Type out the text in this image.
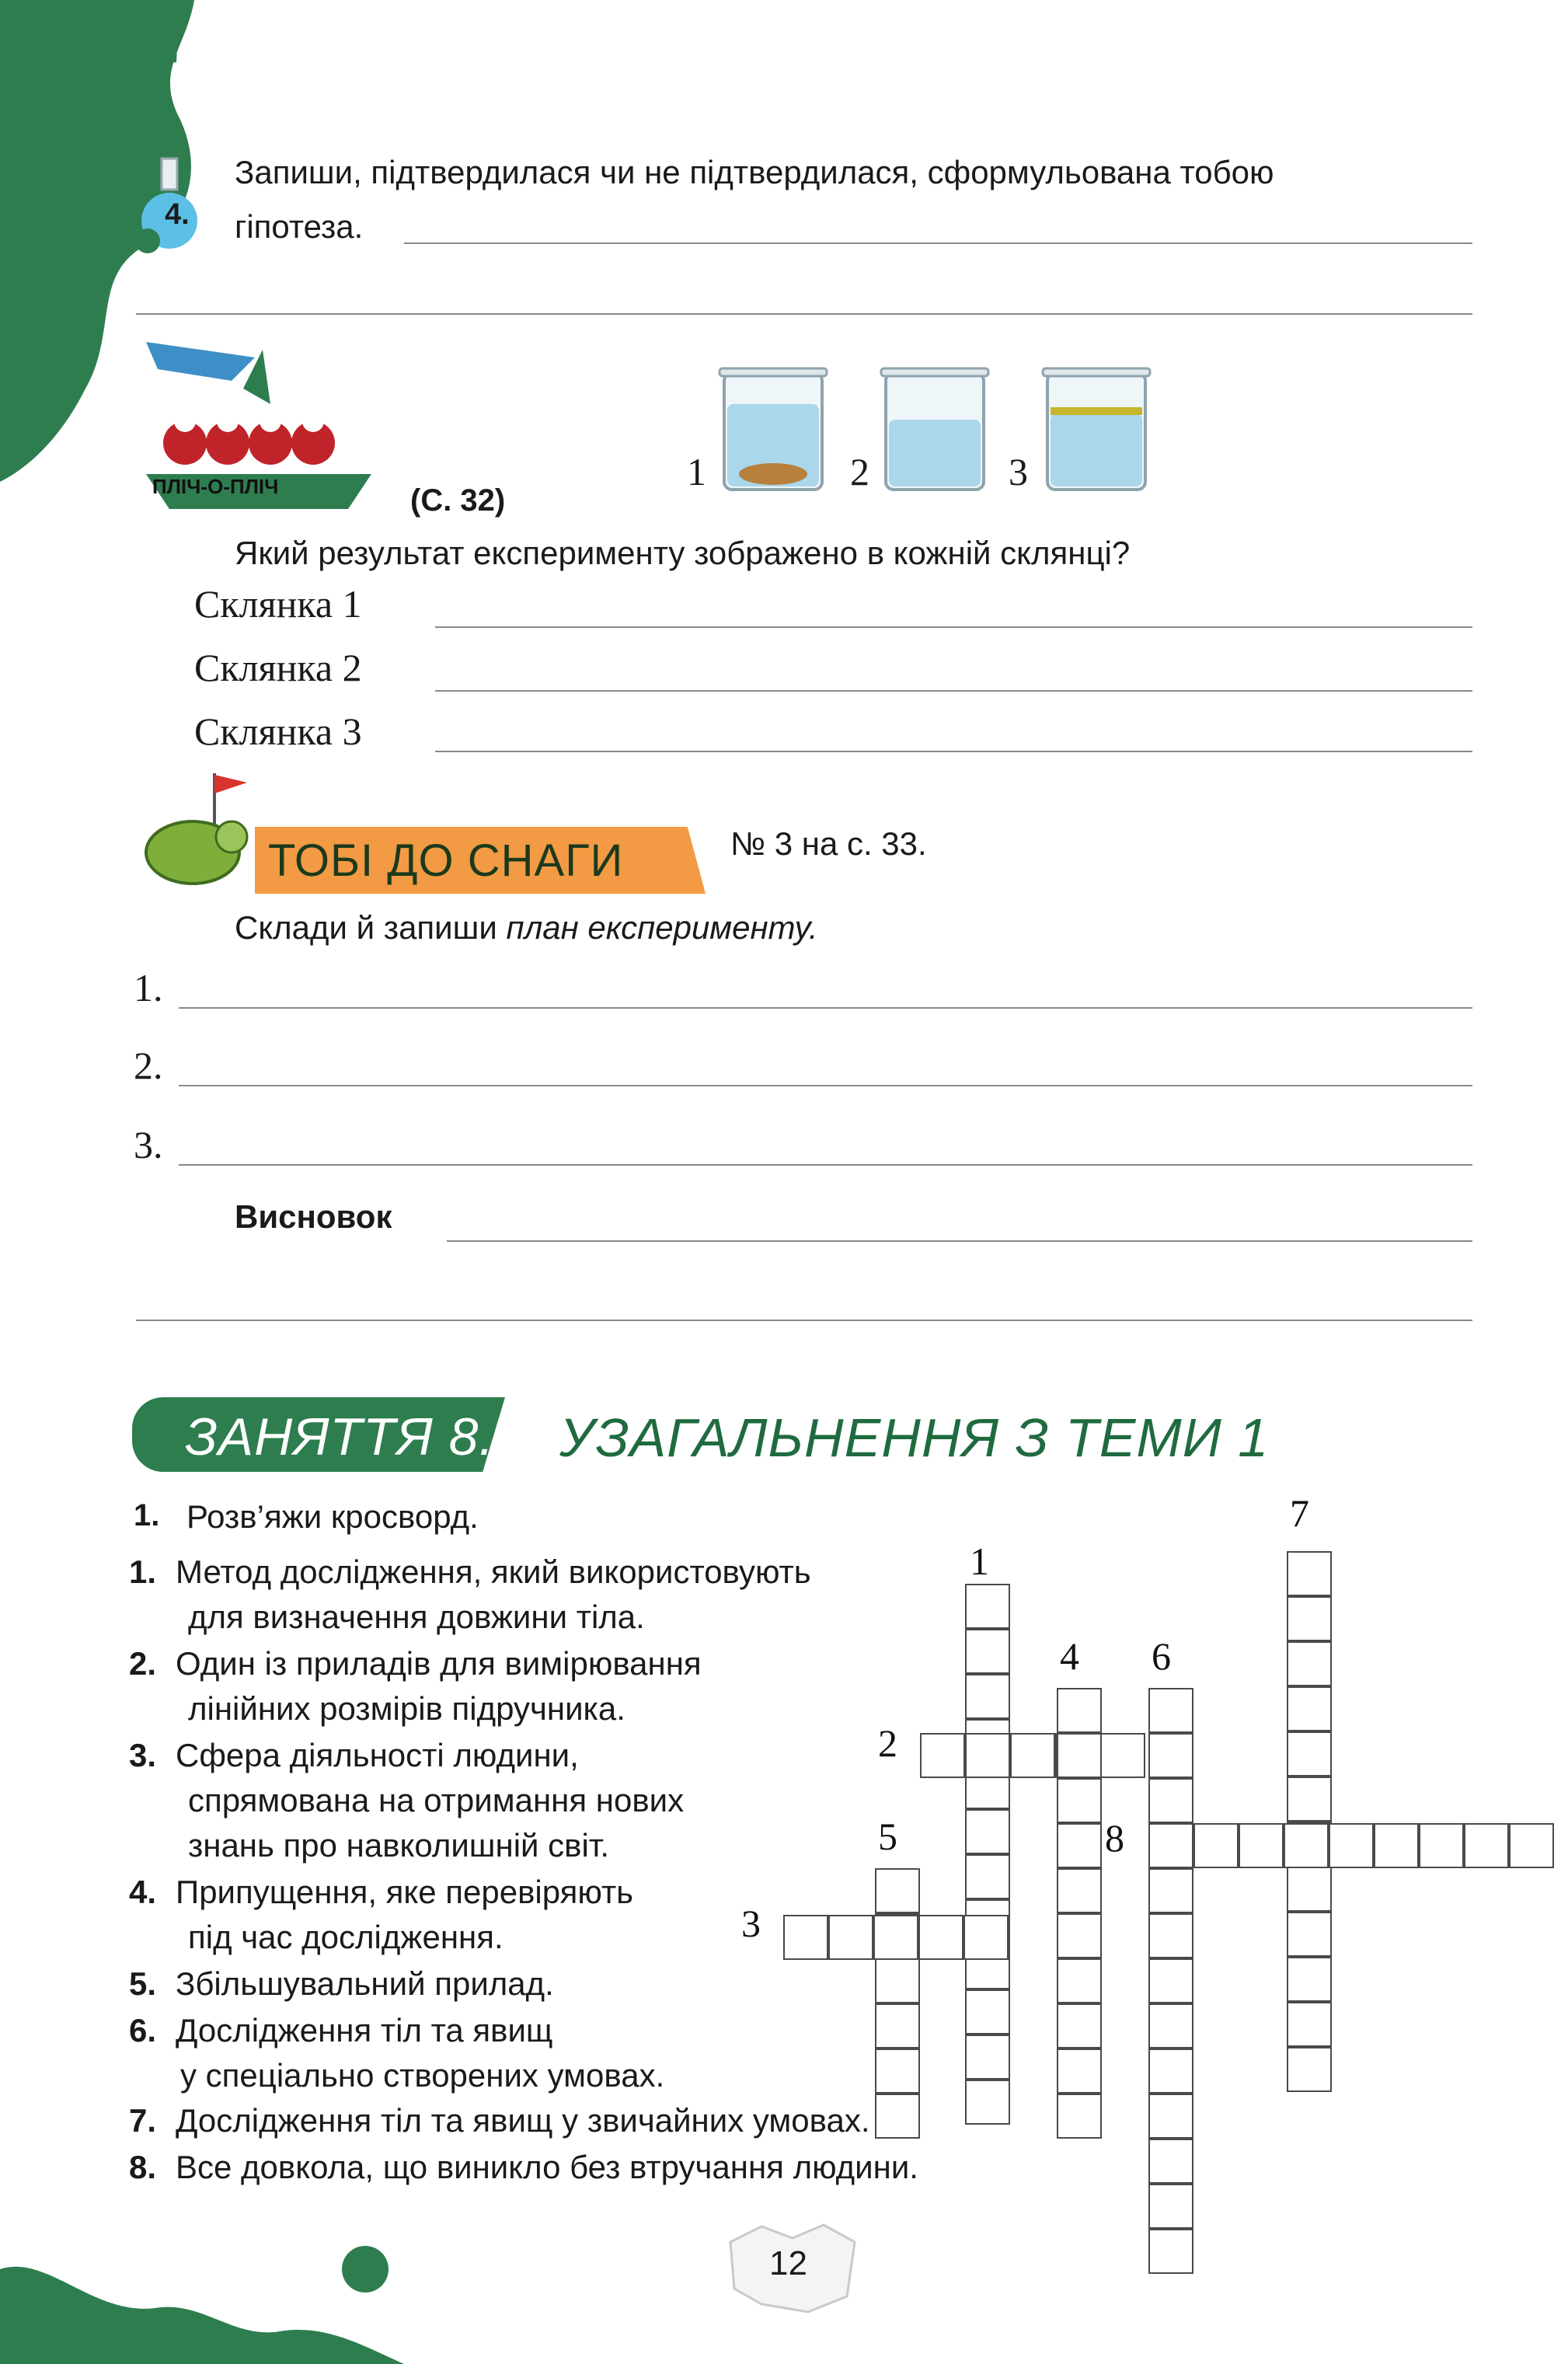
4.
Запиши, підтвердилася чи не підтвердилася, сформульована тобою
гіпотеза.
ПЛІЧ-О-ПЛІЧ	(С. 32)
1	2	3
Який результат експерименту зображено в кожній склянці?
Склянка 1
Склянка 2
Склянка 3
ТОБІ ДО СНАГИ	№ 3 на с. 33.
Склади й запиши план експерименту.
1.
2.
3.
Висновок
ЗАНЯТТЯ 8. УЗАГАЛЬНЕННЯ З ТЕМИ 1
1. Розв’яжи кросворд.
1. Метод дослідження, який використовують
для визначення довжини тіла.
2. Один із приладів для вимірювання
лінійних розмірів підручника.
3. Сфера діяльності людини,
спрямована на отримання нових
знань про навколишній світ.
4. Припущення, яке перевіряють
під час дослідження.
5. Збільшувальний прилад.
6. Дослідження тіл та явищ
у спеціально створених умовах.
7. Дослідження тіл та явищ у звичайних умовах.
8. Все довкола, що виникло без втручання людини.
1
2
3
4
5
6
7
8
12
